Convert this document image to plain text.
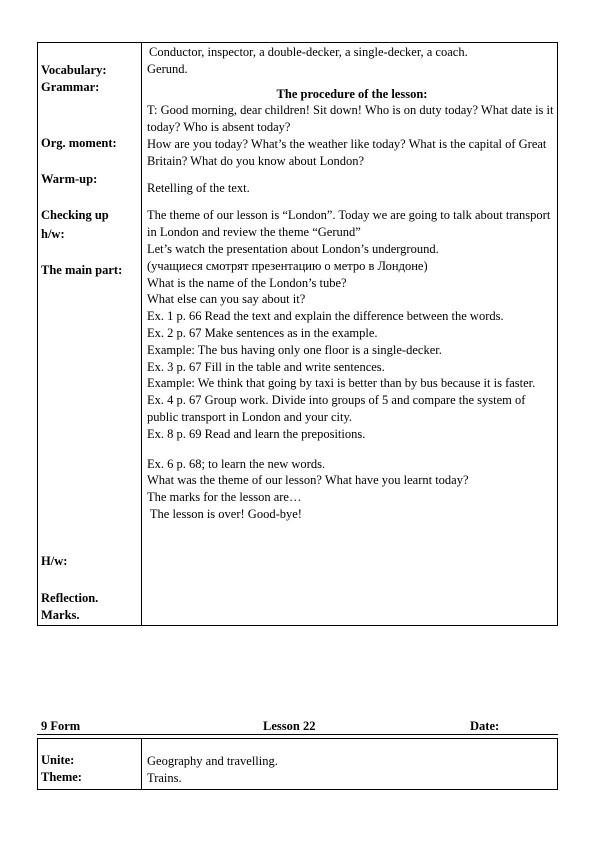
Vocabulary:
Grammar:
Org. moment:
Warm-up:
Checking up
h/w:
The main part:
H/w:
Reflection.
Marks.

Conductor, inspector, a double-decker, a single-decker, a coach.

Gerund.

The procedure of the lesson:

T: Good morning, dear children! Sit down! Who is on duty today? What date is it today? Who is absent today?

How are you today? What’s the weather like today? What is the capital of Great Britain? What do you know about London?

Retelling of the text.

The theme of our lesson is “London”. Today we are going to talk about transport in London and review the theme “Gerund”

Let’s watch the presentation about London’s underground.

(учащиеся смотрят презентацию о метро в Лондоне)

What is the name of the London’s tube?

What else can you say about it?

Ex. 1 p. 66 Read the text and explain the difference between the words.

Ex. 2 p. 67 Make sentences as in the example.

Example: The bus having only one floor is a single-decker.

Ex. 3 p. 67 Fill in the table and write sentences.

Example: We think that going by taxi is better than by bus because it is faster.

Ex. 4 p. 67 Group work. Divide into groups of 5 and compare the system of public transport in London and your city.

Ex. 8 p. 69 Read and learn the prepositions.

Ex. 6 p. 68; to learn the new words.

What was the theme of our lesson? What have you learnt today?

The marks for the lesson are…

The lesson is over! Good-bye!

9 Form	Lesson 22	Date:
Unite:
Theme:

Geography and travelling.

Trains.
